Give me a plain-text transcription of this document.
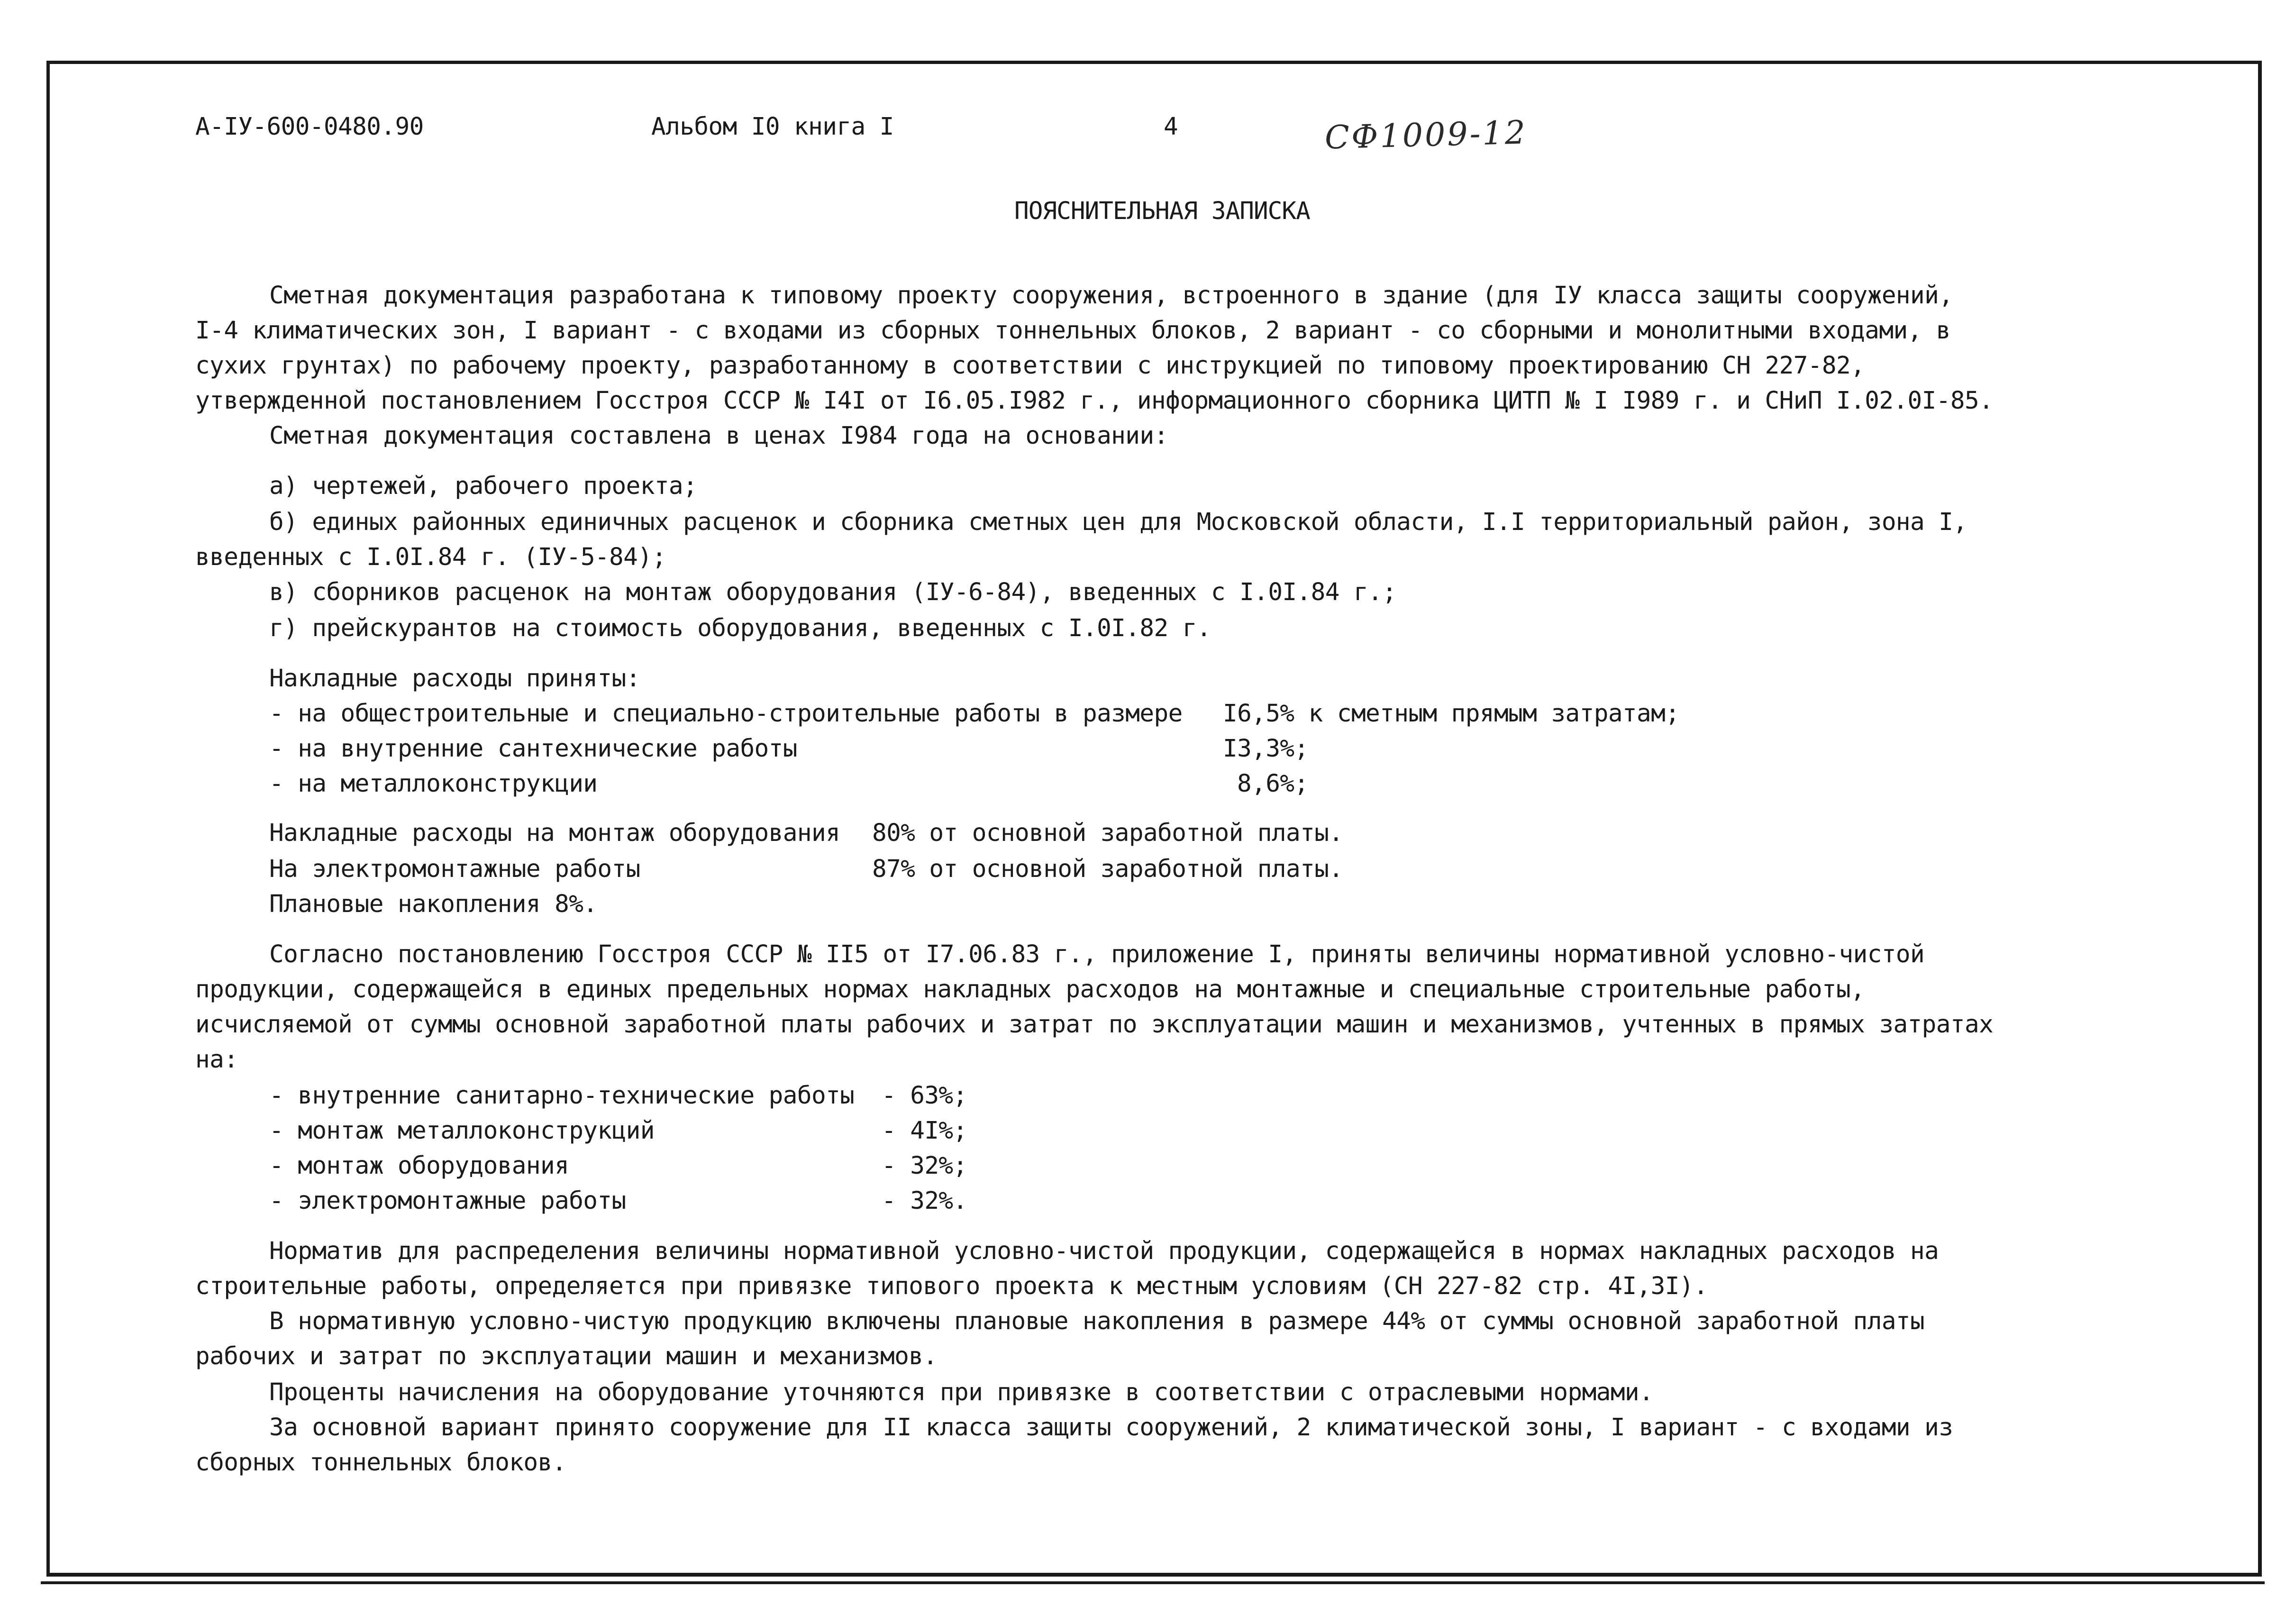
А-IУ-600-0480.90	Альбом I0 книга I	4	СФ1009-12

ПОЯСНИТЕЛЬНАЯ ЗАПИСКА

Сметная документация разработана к типовому проекту сооружения, встроенного в здание (для IУ класса защиты сооружений,

I-4 климатических зон, I вариант - с входами из сборных тоннельных блоков, 2 вариант - со сборными и монолитными входами, в

сухих грунтах) по рабочему проекту, разработанному в соответствии с инструкцией по типовому проектированию СН 227-82,

утвержденной постановлением Госстроя СССР № I4I от I6.05.I982 г., информационного сборника ЦИТП № I I989 г. и СНиП I.02.0I-85.

Сметная документация составлена в ценах I984 года на основании:

а) чертежей, рабочего проекта;

б) единых районных единичных расценок и сборника сметных цен для Московской области, I.I территориальный район, зона I,

введенных с I.0I.84 г. (IУ-5-84);

в) сборников расценок на монтаж оборудования (IУ-6-84), введенных с I.0I.84 г.;

г) прейскурантов на стоимость оборудования, введенных с I.0I.82 г.

Накладные расходы приняты:

- на общестроительные и специально-строительные работы в размере I6,5% к сметным прямым затратам;

- на внутренние сантехнические работы	I3,3%;

- на металлоконструкции	8,6%;

Накладные расходы на монтаж оборудования 80% от основной заработной платы.

На электромонтажные работы	87% от основной заработной платы.

Плановые накопления 8%.

Согласно постановлению Госстроя СССР № II5 от I7.06.83 г., приложение I, приняты величины нормативной условно-чистой

продукции, содержащейся в единых предельных нормах накладных расходов на монтажные и специальные строительные работы,

исчисляемой от суммы основной заработной платы рабочих и затрат по эксплуатации машин и механизмов, учтенных в прямых затратах

на:

- внутренние санитарно-технические работы - 63%;

- монтаж металлоконструкций	- 4I%;

- монтаж оборудования	- 32%;

- электромонтажные работы	- 32%.

Норматив для распределения величины нормативной условно-чистой продукции, содержащейся в нормах накладных расходов на

строительные работы, определяется при привязке типового проекта к местным условиям (СН 227-82 стр. 4I,3I).

В нормативную условно-чистую продукцию включены плановые накопления в размере 44% от суммы основной заработной платы

рабочих и затрат по эксплуатации машин и механизмов.

Проценты начисления на оборудование уточняются при привязке в соответствии с отраслевыми нормами.

За основной вариант принято сооружение для II класса защиты сооружений, 2 климатической зоны, I вариант - с входами из

сборных тоннельных блоков.
